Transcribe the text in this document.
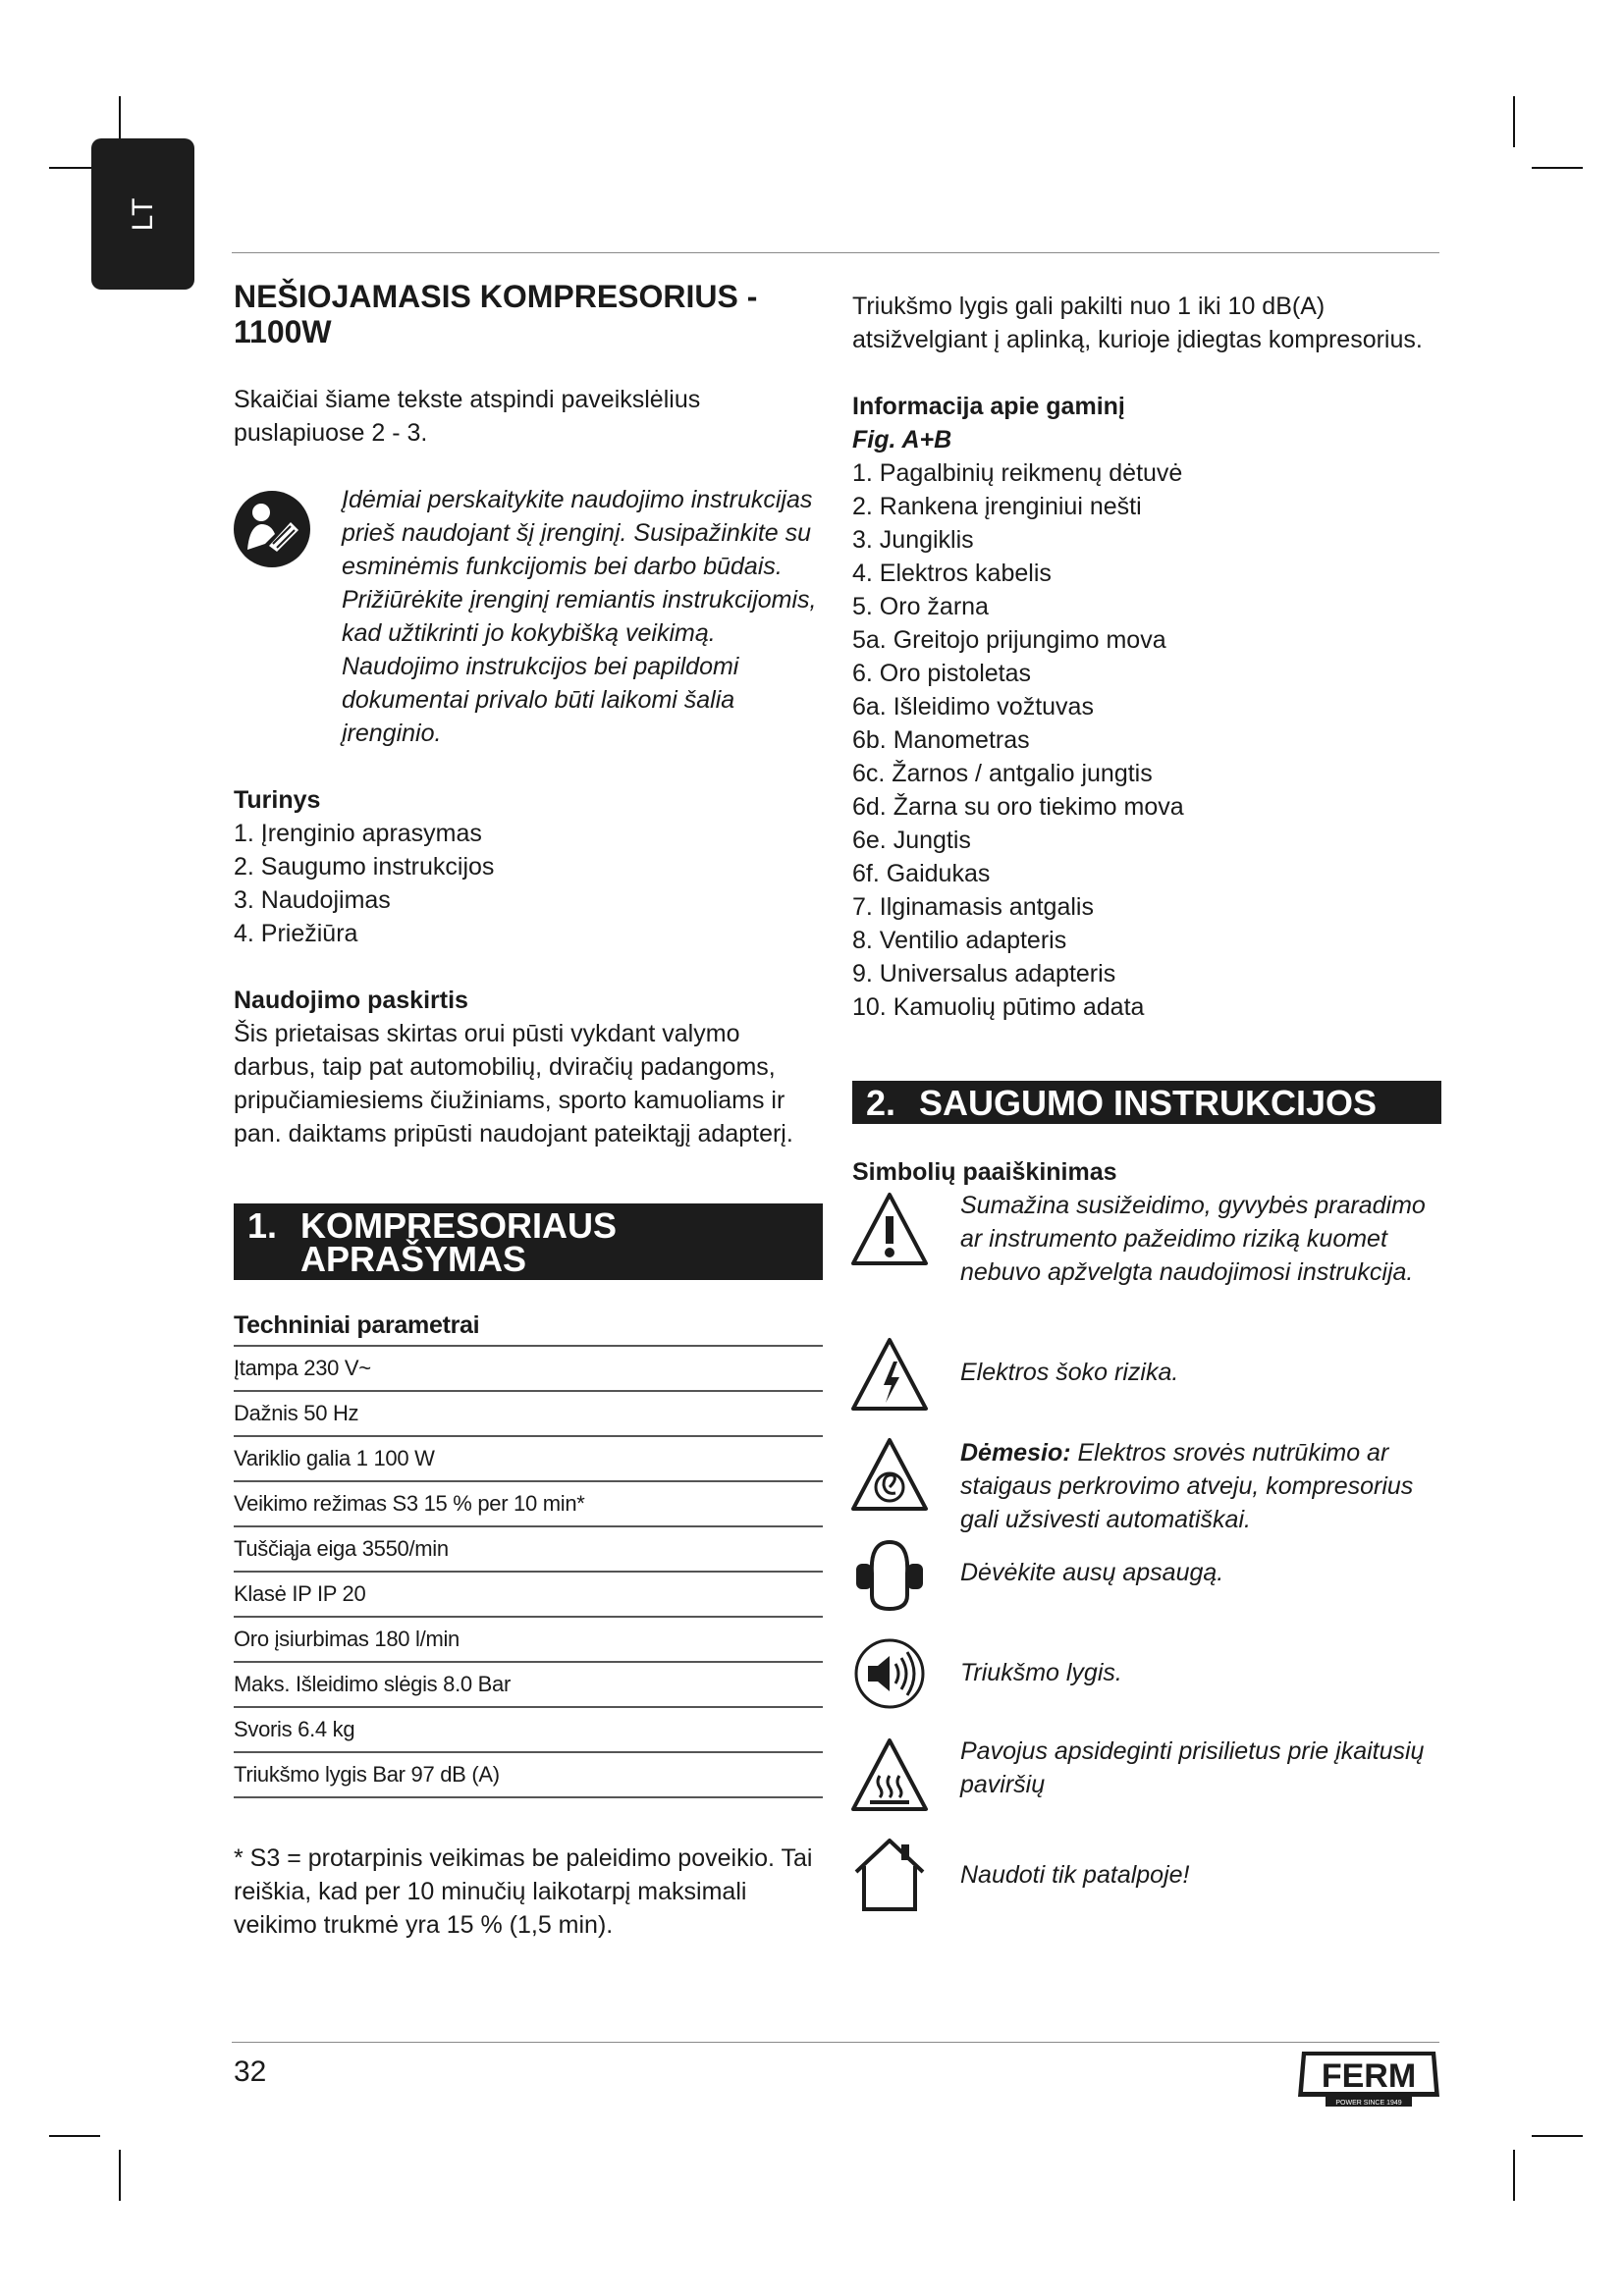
LT
NEŠIOJAMASIS KOMPRESORIUS - 1100W

Skaičiai šiame tekste atspindi paveikslėlius puslapiuose 2 - 3.

Įdėmiai perskaitykite naudojimo instrukcijas prieš naudojant šį įrenginį. Susipažinkite su esminėmis funkcijomis bei darbo būdais. Prižiūrėkite įrenginį remiantis instrukcijomis, kad užtikrinti jo kokybišką veikimą. Naudojimo instrukcijos bei papildomi dokumentai privalo būti laikomi šalia įrenginio.

Turinys

1. Įrenginio aprasymas
2. Saugumo instrukcijos
3. Naudojimas
4. Priežiūra

Naudojimo paskirtis

Šis prietaisas skirtas orui pūsti vykdant valymo darbus, taip pat automobilių, dviračių padangoms, pripučiamiesiems čiužiniams, sporto kamuoliams ir pan. daiktams pripūsti naudojant pateiktąjį adapterį.

1. KOMPRESORIAUS
APRAŠYMAS
Techniniai parametrai
Įtampa 230 V~
Dažnis 50 Hz
Variklio galia 1 100 W
Veikimo režimas S3 15 % per 10 min*
Tuščiąja eiga 3550/min
Klasė IP IP 20
Oro įsiurbimas 180 l/min
Maks. Išleidimo slėgis 8.0 Bar
Svoris 6.4 kg
Triukšmo lygis Bar 97 dB (A)

* S3 = protarpinis veikimas be paleidimo poveikio. Tai reiškia, kad per 10 minučių laikotarpį maksimali veikimo trukmė yra 15 % (1,5 min).

Triukšmo lygis gali pakilti nuo 1 iki 10 dB(A) atsižvelgiant į aplinką, kurioje įdiegtas kompresorius.

Informacija apie gaminį

Fig. A+B

1. Pagalbinių reikmenų dėtuvė
2. Rankena įrenginiui nešti
3. Jungiklis
4. Elektros kabelis
5. Oro žarna
5a. Greitojo prijungimo mova
6. Oro pistoletas
6a. Išleidimo vožtuvas
6b. Manometras
6c. Žarnos / antgalio jungtis
6d. Žarna su oro tiekimo mova
6e. Jungtis
6f. Gaidukas
7. Ilginamasis antgalis
8. Ventilio adapteris
9. Universalus adapteris
10. Kamuolių pūtimo adata
2. SAUGUMO INSTRUKCIJOS

Simbolių paaiškinimas

Sumažina susižeidimo, gyvybės praradimo ar instrumento pažeidimo riziką kuomet nebuvo apžvelgta naudojimosi instrukcija.

Elektros šoko rizika.

Dėmesio: Elektros srovės nutrūkimo ar staigaus perkrovimo atveju, kompresorius gali užsivesti automatiškai.

Dėvėkite ausų apsaugą.

Triukšmo lygis.

Pavojus apsideginti prisilietus prie įkaitusių paviršių

Naudoti tik patalpoje!

32	FERM
POWER SINCE 1949
